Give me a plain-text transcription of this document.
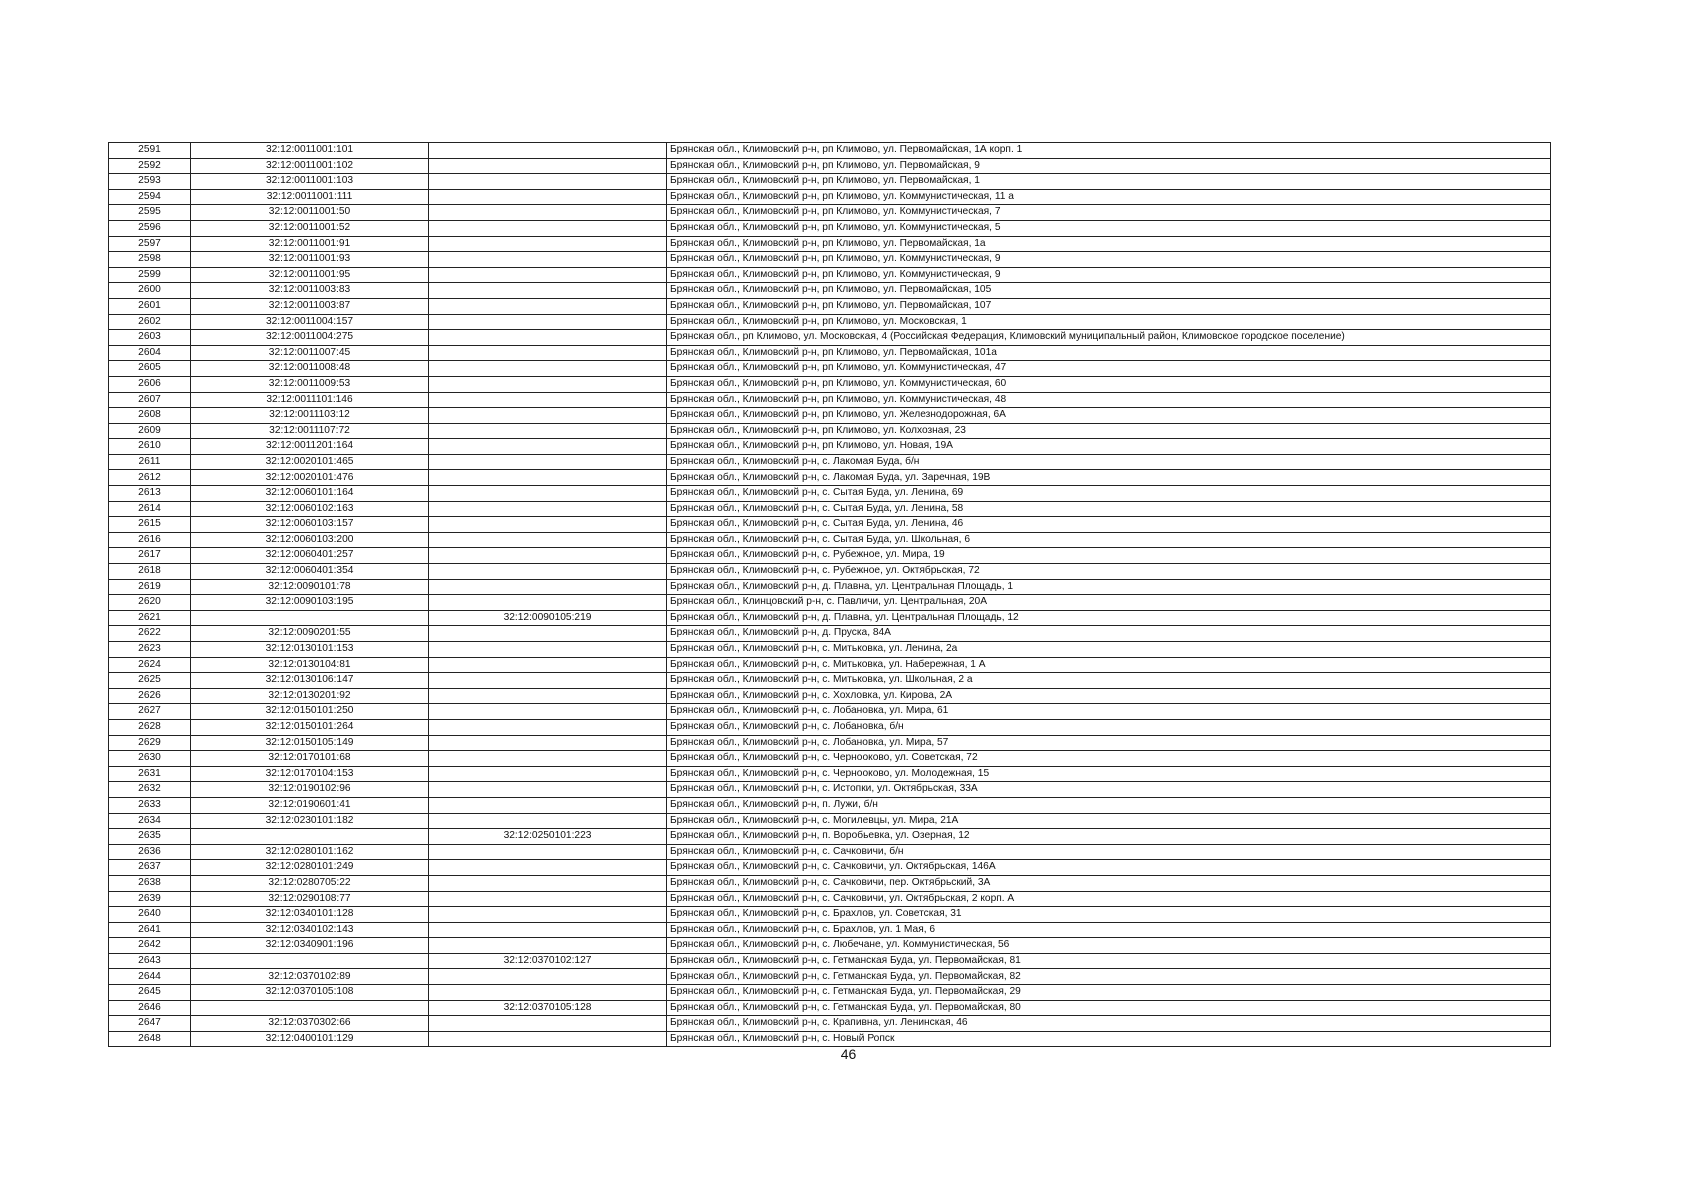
2591	32:12:0011001:101		Брянская обл., Климовский р-н, рп Климово, ул. Первомайская, 1А корп. 1
2592	32:12:0011001:102		Брянская обл., Климовский р-н, рп Климово, ул. Первомайская, 9
2593	32:12:0011001:103		Брянская обл., Климовский р-н, рп Климово, ул. Первомайская, 1
2594	32:12:0011001:111		Брянская обл., Климовский р-н, рп Климово, ул. Коммунистическая, 11 а
2595	32:12:0011001:50		Брянская обл., Климовский р-н, рп Климово, ул. Коммунистическая, 7
2596	32:12:0011001:52		Брянская обл., Климовский р-н, рп Климово, ул. Коммунистическая, 5
2597	32:12:0011001:91		Брянская обл., Климовский р-н, рп Климово, ул. Первомайская, 1а
2598	32:12:0011001:93		Брянская обл., Климовский р-н, рп Климово, ул. Коммунистическая, 9
2599	32:12:0011001:95		Брянская обл., Климовский р-н, рп Климово, ул. Коммунистическая, 9
2600	32:12:0011003:83		Брянская обл., Климовский р-н, рп Климово, ул. Первомайская, 105
2601	32:12:0011003:87		Брянская обл., Климовский р-н, рп Климово, ул. Первомайская, 107
2602	32:12:0011004:157		Брянская обл., Климовский р-н, рп Климово, ул. Московская, 1
2603	32:12:0011004:275		Брянская обл., рп Климово, ул. Московская, 4 (Российская Федерация, Климовский муниципальный район, Климовское городское поселение)
2604	32:12:0011007:45		Брянская обл., Климовский р-н, рп Климово, ул. Первомайская, 101а
2605	32:12:0011008:48		Брянская обл., Климовский р-н, рп Климово, ул. Коммунистическая, 47
2606	32:12:0011009:53		Брянская обл., Климовский р-н, рп Климово, ул. Коммунистическая, 60
2607	32:12:0011101:146		Брянская обл., Климовский р-н, рп Климово, ул. Коммунистическая, 48
2608	32:12:0011103:12		Брянская обл., Климовский р-н, рп Климово, ул. Железнодорожная, 6А
2609	32:12:0011107:72		Брянская обл., Климовский р-н, рп Климово, ул. Колхозная, 23
2610	32:12:0011201:164		Брянская обл., Климовский р-н, рп Климово, ул. Новая, 19А
2611	32:12:0020101:465		Брянская обл., Климовский р-н, с. Лакомая Буда, б/н
2612	32:12:0020101:476		Брянская обл., Климовский р-н, с. Лакомая Буда, ул. Заречная, 19В
2613	32:12:0060101:164		Брянская обл., Климовский р-н, с. Сытая Буда, ул. Ленина, 69
2614	32:12:0060102:163		Брянская обл., Климовский р-н, с. Сытая Буда, ул. Ленина, 58
2615	32:12:0060103:157		Брянская обл., Климовский р-н, с. Сытая Буда, ул. Ленина, 46
2616	32:12:0060103:200		Брянская обл., Климовский р-н, с. Сытая Буда, ул. Школьная, 6
2617	32:12:0060401:257		Брянская обл., Климовский р-н, с. Рубежное, ул. Мира, 19
2618	32:12:0060401:354		Брянская обл., Климовский р-н, с. Рубежное, ул. Октябрьская, 72
2619	32:12:0090101:78		Брянская обл., Климовский р-н, д. Плавна, ул. Центральная Площадь, 1
2620	32:12:0090103:195		Брянская обл., Клинцовский р-н, с. Павличи, ул. Центральная, 20А
2621		32:12:0090105:219	Брянская обл., Климовский р-н, д. Плавна, ул. Центральная Площадь, 12
2622	32:12:0090201:55		Брянская обл., Климовский р-н, д. Пруска, 84А
2623	32:12:0130101:153		Брянская обл., Климовский р-н, с. Митьковка, ул. Ленина, 2а
2624	32:12:0130104:81		Брянская обл., Климовский р-н, с. Митьковка, ул. Набережная, 1 А
2625	32:12:0130106:147		Брянская обл., Климовский р-н, с. Митьковка, ул. Школьная, 2 а
2626	32:12:0130201:92		Брянская обл., Климовский р-н, с. Хохловка, ул. Кирова, 2А
2627	32:12:0150101:250		Брянская обл., Климовский р-н, с. Лобановка, ул. Мира, 61
2628	32:12:0150101:264		Брянская обл., Климовский р-н, с. Лобановка, б/н
2629	32:12:0150105:149		Брянская обл., Климовский р-н, с. Лобановка, ул. Мира, 57
2630	32:12:0170101:68		Брянская обл., Климовский р-н, с. Чернооково, ул. Советская, 72
2631	32:12:0170104:153		Брянская обл., Климовский р-н, с. Чернооково, ул. Молодежная, 15
2632	32:12:0190102:96		Брянская обл., Климовский р-н, с. Истопки, ул. Октябрьская, 33А
2633	32:12:0190601:41		Брянская обл., Климовский р-н, п. Лужи, б/н
2634	32:12:0230101:182		Брянская обл., Климовский р-н, с. Могилевцы, ул. Мира, 21А
2635		32:12:0250101:223	Брянская обл., Климовский р-н, п. Воробьевка, ул. Озерная, 12
2636	32:12:0280101:162		Брянская обл., Климовский р-н, с. Сачковичи, б/н
2637	32:12:0280101:249		Брянская обл., Климовский р-н, с. Сачковичи, ул. Октябрьская, 146А
2638	32:12:0280705:22		Брянская обл., Климовский р-н, с. Сачковичи, пер. Октябрьский, 3А
2639	32:12:0290108:77		Брянская обл., Климовский р-н, с. Сачковичи, ул. Октябрьская, 2 корп. А
2640	32:12:0340101:128		Брянская обл., Климовский р-н, с. Брахлов, ул. Советская, 31
2641	32:12:0340102:143		Брянская обл., Климовский р-н, с. Брахлов, ул. 1 Мая, 6
2642	32:12:0340901:196		Брянская обл., Климовский р-н, с. Любечане, ул. Коммунистическая, 56
2643		32:12:0370102:127	Брянская обл., Климовский р-н, с. Гетманская Буда, ул. Первомайская, 81
2644	32:12:0370102:89		Брянская обл., Климовский р-н, с. Гетманская Буда, ул. Первомайская, 82
2645	32:12:0370105:108		Брянская обл., Климовский р-н, с. Гетманская Буда, ул. Первомайская, 29
2646		32:12:0370105:128	Брянская обл., Климовский р-н, с. Гетманская Буда, ул. Первомайская, 80
2647	32:12:0370302:66		Брянская обл., Климовский р-н, с. Крапивна, ул. Ленинская, 46
2648	32:12:0400101:129		Брянская обл., Климовский р-н, с. Новый Ропск
46
